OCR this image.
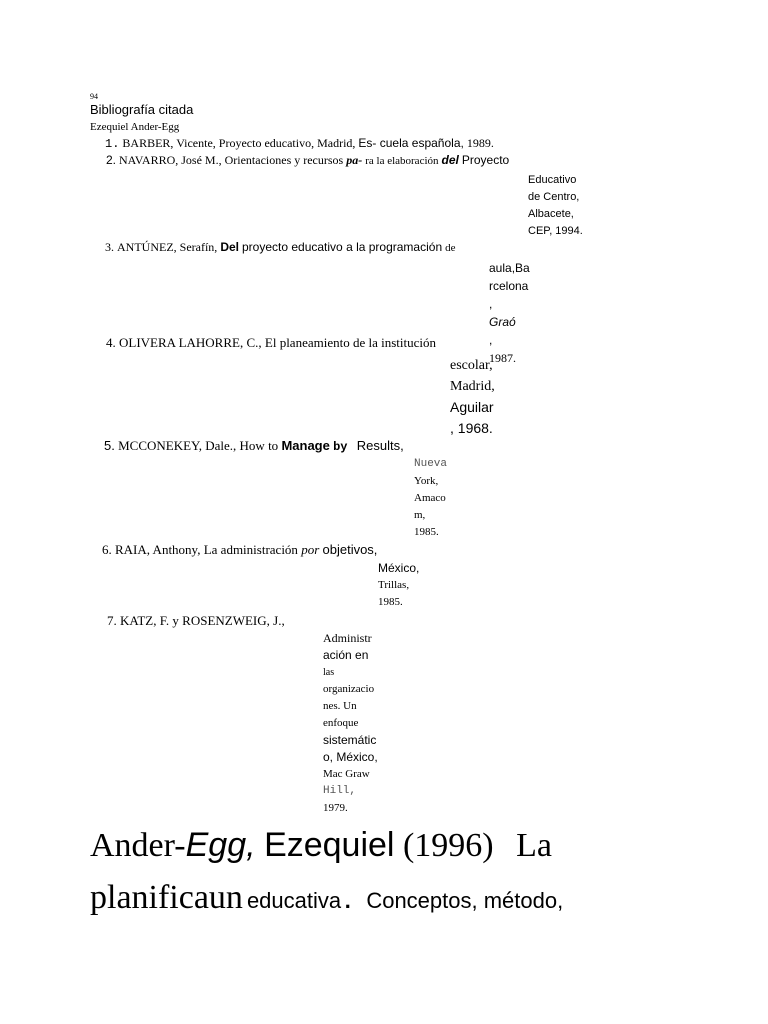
94
Bibliografía citada
Ezequiel Ander-Egg
1. BARBER, Vicente, Proyecto educativo, Madrid, Es- cuela española, 1989.
2. NAVARRO, José M., Orientaciones y recursos pa- ra la elaboración del Proyecto
Educativo
de Centro,
Albacete,
CEP, 1994.
3. ANTÚNEZ, Serafín, Del proyecto educativo a la programación de
aula,Ba
rcelona
,
Graó
,
1987.
4. OLIVERA LAHORRE, C., El planeamiento de la institución
escolar,
Madrid,
Aguilar
, 1968.
5. MCCONEKEY, Dale., How to Manage by Results,
Nueva
York,
Amaco
m,
1985.
6. RAIA, Anthony, La administración por objetivos,
México,
Trillas,
1985.
7. KATZ, F. y ROSENZWEIG, J.,
Administr
ación en
las
organizacio
nes. Un
enfoque
sistemátic
o, México,
Mac Graw
Hill,
1979.
Ander-Egg, Ezequiel (1996) La
planificaun educativa. Conceptos, método,
